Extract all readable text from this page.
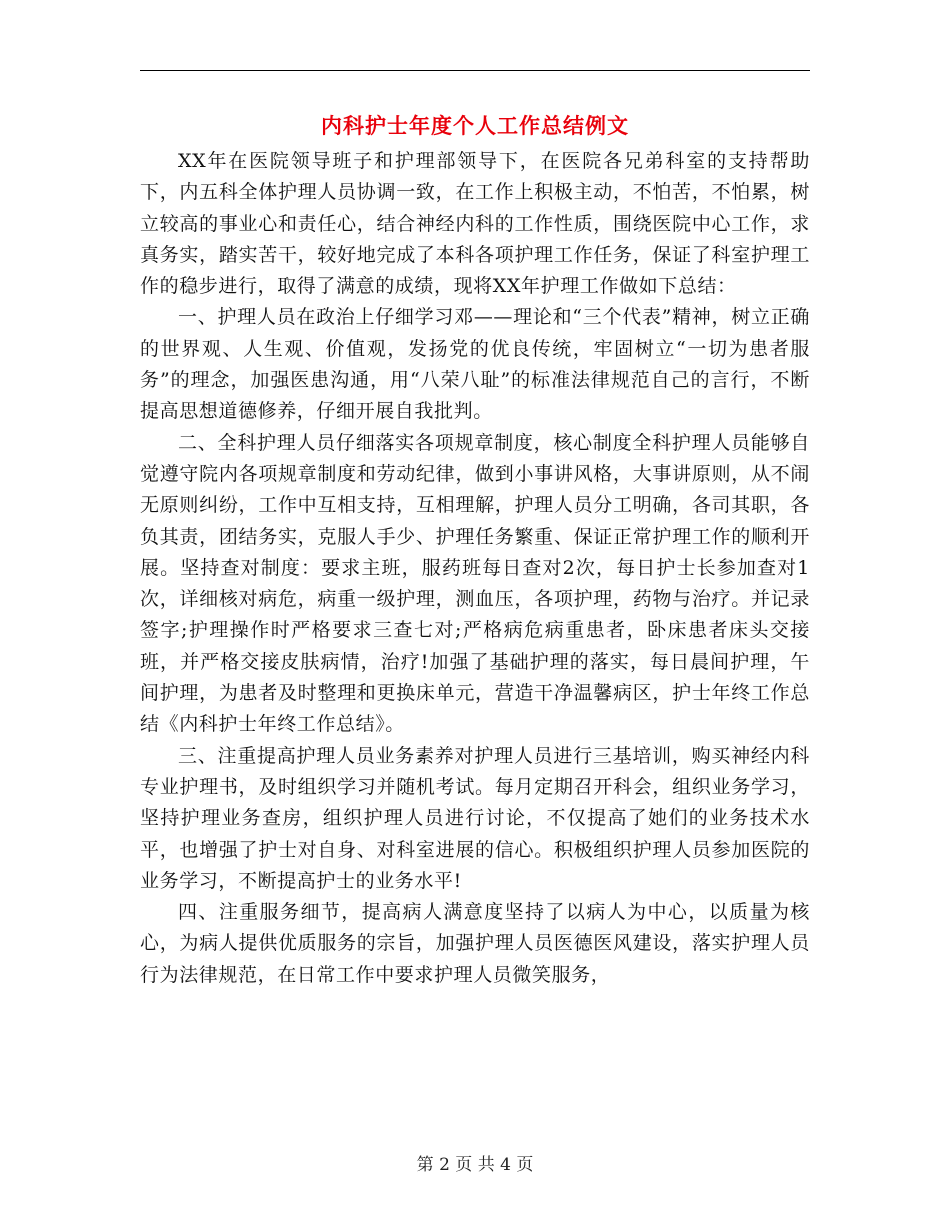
内科护士年度个人工作总结例文

XX年在医院领导班子和护理部领导下，在医院各兄弟科室的支持帮助下，内五科全体护理人员协调一致，在工作上积极主动，不怕苦，不怕累，树立较高的事业心和责任心，结合神经内科的工作性质，围绕医院中心工作，求真务实，踏实苦干，较好地完成了本科各项护理工作任务，保证了科室护理工作的稳步进行，取得了满意的成绩，现将XX年护理工作做如下总结：

一、护理人员在政治上仔细学习邓——理论和“三个代表”精神，树立正确的世界观、人生观、价值观，发扬党的优良传统，牢固树立“一切为患者服务”的理念，加强医患沟通，用“八荣八耻”的标准法律规范自己的言行，不断提高思想道德修养，仔细开展自我批判。

二、全科护理人员仔细落实各项规章制度，核心制度全科护理人员能够自觉遵守院内各项规章制度和劳动纪律，做到小事讲风格，大事讲原则，从不闹无原则纠纷，工作中互相支持，互相理解，护理人员分工明确，各司其职，各负其责，团结务实，克服人手少、护理任务繁重、保证正常护理工作的顺利开展。坚持查对制度：要求主班，服药班每日查对2次，每日护士长参加查对1次，详细核对病危，病重一级护理，测血压，各项护理，药物与治疗。并记录签字;护理操作时严格要求三查七对;严格病危病重患者，卧床患者床头交接班，并严格交接皮肤病情，治疗!加强了基础护理的落实，每日晨间护理，午间护理，为患者及时整理和更换床单元，营造干净温馨病区，护士年终工作总结《内科护士年终工作总结》。

三、注重提高护理人员业务素养对护理人员进行三基培训，购买神经内科专业护理书，及时组织学习并随机考试。每月定期召开科会，组织业务学习，坚持护理业务查房，组织护理人员进行讨论，不仅提高了她们的业务技术水平，也增强了护士对自身、对科室进展的信心。积极组织护理人员参加医院的业务学习，不断提高护士的业务水平!

四、注重服务细节，提高病人满意度坚持了以病人为中心，以质量为核心，为病人提供优质服务的宗旨，加强护理人员医德医风建设，落实护理人员行为法律规范，在日常工作中要求护理人员微笑服务，

第 2 页 共 4 页
